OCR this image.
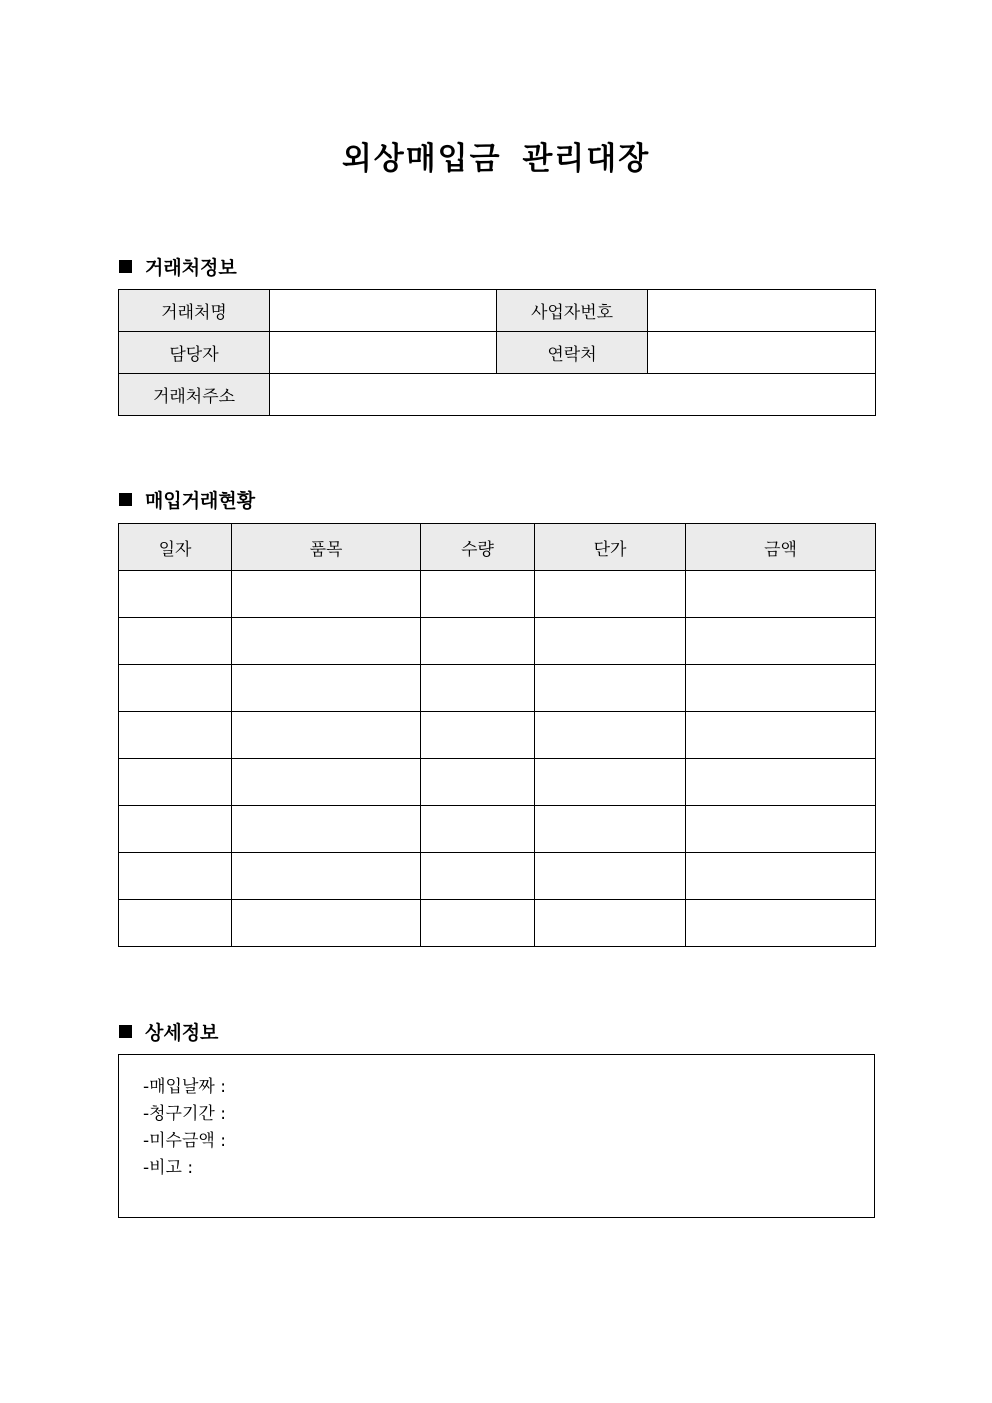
외상매입금 관리대장
거래처정보
거래처명		사업자번호	
담당자		연락처	
거래처주소			
매입거래현황
일자	품목	수량	단가	금액

상세정보
-매입날짜 :
-청구기간 :
-미수금액 :
-비고 :
